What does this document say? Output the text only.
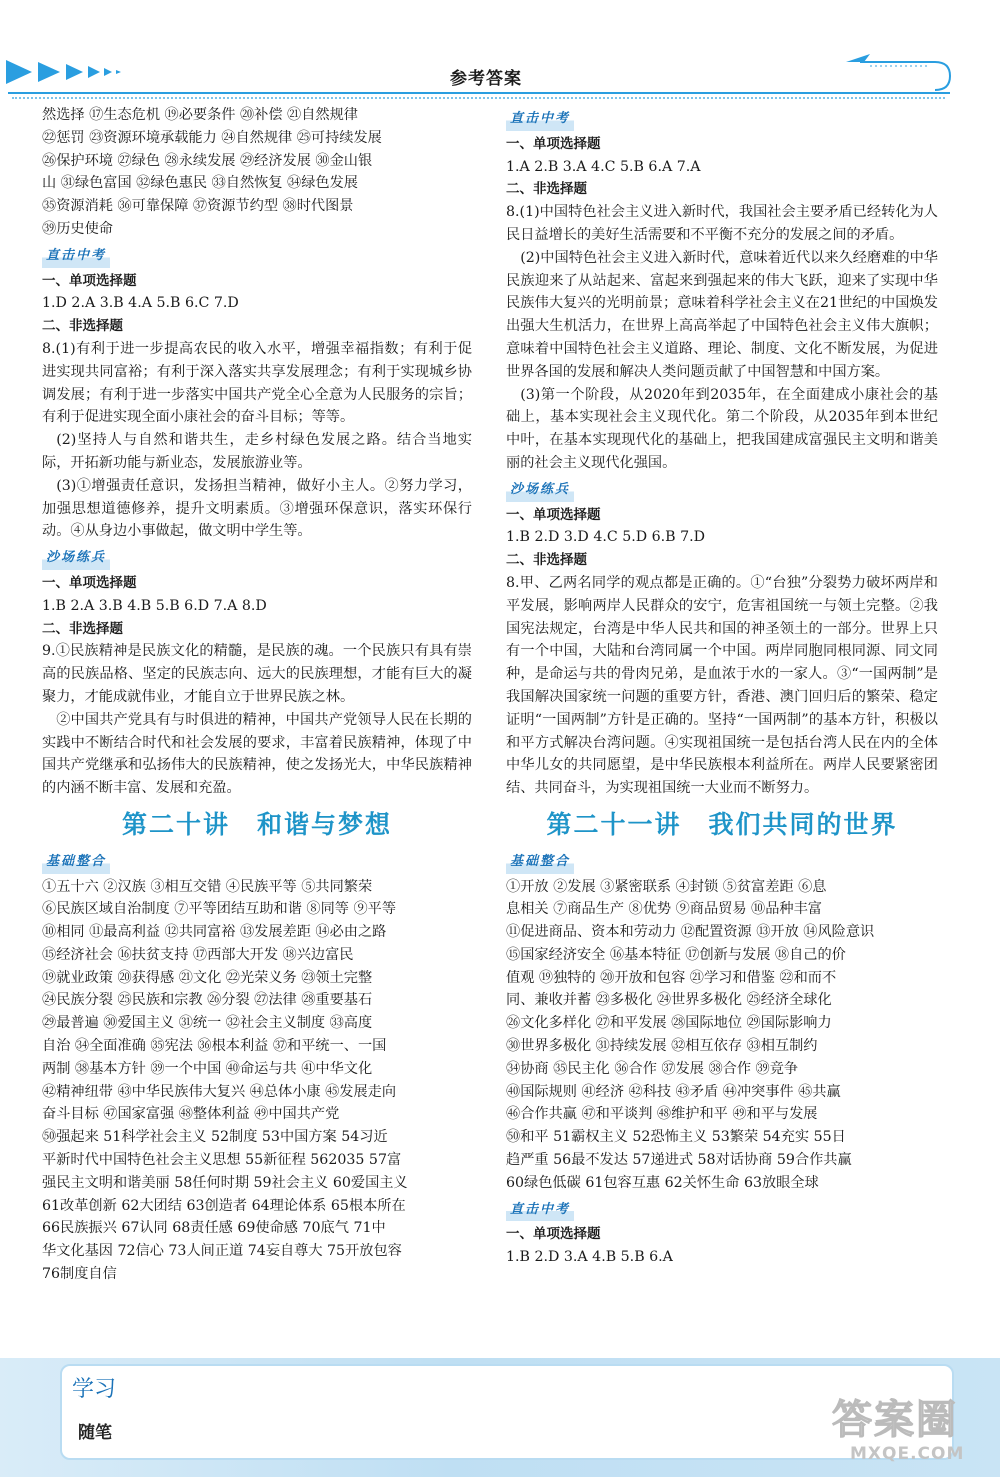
参考答案
然选择 ⑰生态危机 ⑲必要条件 ⑳补偿 ㉑自然规律
㉒惩罚 ㉓资源环境承载能力 ㉔自然规律 ㉕可持续发展
㉖保护环境 ㉗绿色 ㉘永续发展 ㉙经济发展 ㉚金山银
山 ㉛绿色富国 ㉜绿色惠民 ㉝自然恢复 ㉞绿色发展
㉟资源消耗 ㊱可靠保障 ㊲资源节约型 ㊳时代图景
㊴历史使命
直击中考
一、单项选择题
1.D 2.A 3.B 4.A 5.B 6.C 7.D
二、非选择题

8.(1)有利于进一步提高农民的收入水平，增强幸福指数；有利于促进实现共同富裕；有利于深入落实共享发展理念；有利于实现城乡协调发展；有利于进一步落实中国共产党全心全意为人民服务的宗旨；有利于促进实现全面小康社会的奋斗目标；等等。

(2)坚持人与自然和谐共生，走乡村绿色发展之路。结合当地实际，开拓新功能与新业态，发展旅游业等。

(3)①增强责任意识，发扬担当精神，做好小主人。②努力学习，加强思想道德修养，提升文明素质。③增强环保意识，落实环保行动。④从身边小事做起，做文明中学生等。

沙场练兵
一、单项选择题
1.B 2.A 3.B 4.B 5.B 6.D 7.A 8.D
二、非选择题

9.①民族精神是民族文化的精髓，是民族的魂。一个民族只有具有崇高的民族品格、坚定的民族志向、远大的民族理想，才能有巨大的凝聚力，才能成就伟业，才能自立于世界民族之林。

②中国共产党具有与时俱进的精神，中国共产党领导人民在长期的实践中不断结合时代和社会发展的要求，丰富着民族精神，体现了中国共产党继承和弘扬伟大的民族精神，使之发扬光大，中华民族精神的内涵不断丰富、发展和充盈。

第二十讲　和谐与梦想
基础整合
①五十六 ②汉族 ③相互交错 ④民族平等 ⑤共同繁荣
⑥民族区域自治制度 ⑦平等团结互助和谐 ⑧同等 ⑨平等
⑩相同 ⑪最高利益 ⑫共同富裕 ⑬发展差距 ⑭必由之路
⑮经济社会 ⑯扶贫支持 ⑰西部大开发 ⑱兴边富民
⑲就业政策 ⑳获得感 ㉑文化 ㉒光荣义务 ㉓领土完整
㉔民族分裂 ㉕民族和宗教 ㉖分裂 ㉗法律 ㉘重要基石
㉙最普遍 ㉚爱国主义 ㉛统一 ㉜社会主义制度 ㉝高度
自治 ㉞全面准确 ㉟宪法 ㊱根本利益 ㊲和平统一、一国
两制 ㊳基本方针 ㊴一个中国 ㊵命运与共 ㊶中华文化
㊷精神纽带 ㊸中华民族伟大复兴 ㊹总体小康 ㊺发展走向
奋斗目标 ㊼国家富强 ㊽整体利益 ㊾中国共产党
㊿强起来 51科学社会主义 52制度 53中国方案 54习近
平新时代中国特色社会主义思想 55新征程 562035 57富
强民主文明和谐美丽 58任何时期 59社会主义 60爱国主义
61改革创新 62大团结 63创造者 64理论体系 65根本所在
66民族振兴 67认同 68责任感 69使命感 70底气 71中
华文化基因 72信心 73人间正道 74妄自尊大 75开放包容
76制度自信
直击中考
一、单项选择题
1.A 2.B 3.A 4.C 5.B 6.A 7.A
二、非选择题

8.(1)中国特色社会主义进入新时代，我国社会主要矛盾已经转化为人民日益增长的美好生活需要和不平衡不充分的发展之间的矛盾。

(2)中国特色社会主义进入新时代，意味着近代以来久经磨难的中华民族迎来了从站起来、富起来到强起来的伟大飞跃，迎来了实现中华民族伟大复兴的光明前景；意味着科学社会主义在21世纪的中国焕发出强大生机活力，在世界上高高举起了中国特色社会主义伟大旗帜；意味着中国特色社会主义道路、理论、制度、文化不断发展，为促进世界各国的发展和解决人类问题贡献了中国智慧和中国方案。

(3)第一个阶段，从2020年到2035年，在全面建成小康社会的基础上，基本实现社会主义现代化。第二个阶段，从2035年到本世纪中叶，在基本实现现代化的基础上，把我国建成富强民主文明和谐美丽的社会主义现代化强国。

沙场练兵
一、单项选择题
1.B 2.D 3.D 4.C 5.D 6.B 7.D
二、非选择题

8.甲、乙两名同学的观点都是正确的。①“台独”分裂势力破坏两岸和平发展，影响两岸人民群众的安宁，危害祖国统一与领土完整。②我国宪法规定，台湾是中华人民共和国的神圣领土的一部分。世界上只有一个中国，大陆和台湾同属一个中国。两岸同胞同根同源、同文同种，是命运与共的骨肉兄弟，是血浓于水的一家人。③“一国两制”是我国解决国家统一问题的重要方针，香港、澳门回归后的繁荣、稳定证明“一国两制”方针是正确的。坚持“一国两制”的基本方针，积极以和平方式解决台湾问题。④实现祖国统一是包括台湾人民在内的全体中华儿女的共同愿望，是中华民族根本利益所在。两岸人民要紧密团结、共同奋斗，为实现祖国统一大业而不断努力。

第二十一讲　我们共同的世界
基础整合
①开放 ②发展 ③紧密联系 ④封锁 ⑤贫富差距 ⑥息
息相关 ⑦商品生产 ⑧优势 ⑨商品贸易 ⑩品种丰富
⑪促进商品、资本和劳动力 ⑫配置资源 ⑬开放 ⑭风险意识
⑮国家经济安全 ⑯基本特征 ⑰创新与发展 ⑱自己的价
值观 ⑲独特的 ⑳开放和包容 ㉑学习和借鉴 ㉒和而不
同、兼收并蓄 ㉓多极化 ㉔世界多极化 ㉕经济全球化
㉖文化多样化 ㉗和平发展 ㉘国际地位 ㉙国际影响力
㉚世界多极化 ㉛持续发展 ㉜相互依存 ㉝相互制约
㉞协商 ㉟民主化 ㊱合作 ㊲发展 ㊳合作 ㊴竞争
㊵国际规则 ㊶经济 ㊷科技 ㊸矛盾 ㊹冲突事件 ㊺共赢
㊻合作共赢 ㊼和平谈判 ㊽维护和平 ㊾和平与发展
㊿和平 51霸权主义 52恐怖主义 53繁荣 54充实 55日
趋严重 56最不发达 57递进式 58对话协商 59合作共赢
60绿色低碳 61包容互惠 62关怀生命 63放眼全球
直击中考
一、单项选择题
1.B 2.D 3.A 4.B 5.B 6.A
学习
随笔	答案圈
MXQE.COM
